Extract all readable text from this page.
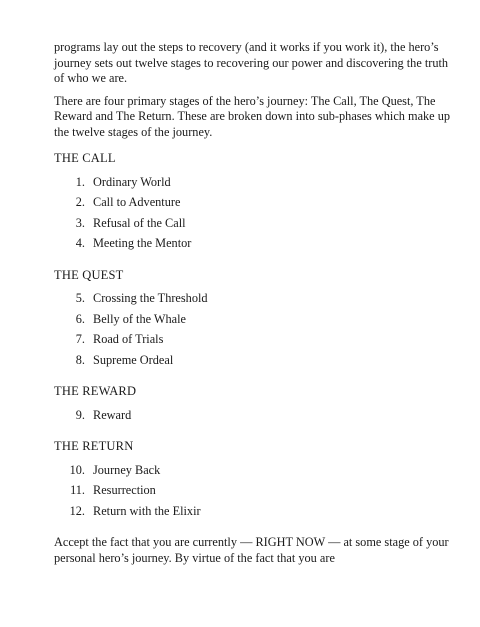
programs lay out the steps to recovery (and it works if you work it), the hero’s journey sets out twelve stages to recovering our power and discovering the truth of who we are.

There are four primary stages of the hero’s journey: The Call, The Quest, The Reward and The Return. These are broken down into sub-phases which make up the twelve stages of the journey.

THE CALL

1. Ordinary World
2. Call to Adventure
3. Refusal of the Call
4. Meeting the Mentor

THE QUEST

5. Crossing the Threshold
6. Belly of the Whale
7. Road of Trials
8. Supreme Ordeal

THE REWARD

9. Reward

THE RETURN

10. Journey Back
11. Resurrection
12. Return with the Elixir

Accept the fact that you are currently — RIGHT NOW — at some stage of your personal hero’s journey. By virtue of the fact that you are
